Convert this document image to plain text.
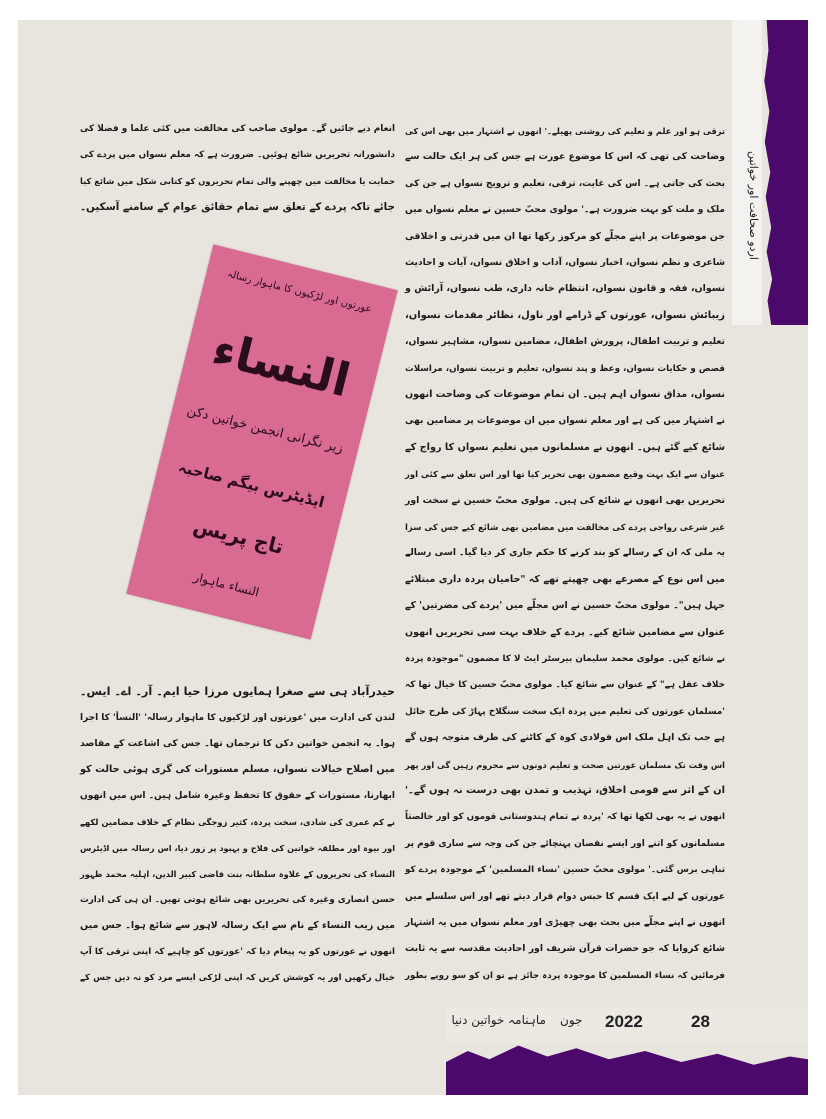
اردو صحافت اور خواتین
ترقی ہو اور علم و تعلیم کی روشنی پھیلے۔' انھوں نے اشتہار میں بھی اس کی
وضاحت کی تھی کہ اس کا موضوع عورت ہے جس کی ہر ایک حالت سے
بحث کی جاتی ہے۔ اس کی غایت، ترقی، تعلیم و ترویج نسواں ہے جن کی
ملک و ملت کو بہت ضرورت ہے۔' مولوی محبّ حسین نے معلم نسواں میں
جن موضوعات پر اپنے مجلّے کو مرکوز رکھا تھا ان میں قدرتی و اخلاقی
شاعری و نظم نسواں، اخبار نسواں، آداب و اخلاق نسواں، آیات و احادیث
نسواں، فقہ و قانون نسواں، انتظام خانہ داری، طب نسواں، آرائش و
زیبائش نسواں، عورتوں کے ڈرامے اور ناول، نظائر مقدمات نسواں،
تعلیم و تربیت اطفال، پرورش اطفال، مضامین نسواں، مشاہیر نسواں،
قصص و حکایات نسواں، وعظ و پند نسواں، تعلیم و تربیت نسواں، مراسلات
نسواں، مذاق نسواں اہم ہیں۔ ان تمام موضوعات کی وضاحت انھوں
نے اشتہار میں کی ہے اور معلم نسواں میں ان موضوعات پر مضامین بھی
شائع کیے گئے ہیں۔ انھوں نے مسلمانوں میں تعلیم نسواں کا رواج کے
عنوان سے ایک بہت وقیع مضمون بھی تحریر کیا تھا اور اس تعلق سے کئی اور
تحریریں بھی انھوں نے شائع کی ہیں۔ مولوی محبّ حسین نے سخت اور
غیر شرعی رواجی پردے کی مخالفت میں مضامین بھی شائع کیے جس کی سزا
یہ ملی کہ ان کے رسالے کو بند کرنے کا حکم جاری کر دیا گیا۔ اسی رسالے
میں اس نوع کے مصرعے بھی چھپتے تھے کہ "حامیان پردہ داری مبتلائے
جہل ہیں"۔ مولوی محبّ حسین نے اس مجلّے میں 'پردے کی مضرتیں' کے
عنوان سے مضامین شائع کیے۔ پردے کے خلاف بہت سی تحریریں انھوں
نے شائع کیں۔ مولوی محمد سلیمان بیرسٹر ایٹ لا کا مضمون "موجودہ پردہ
خلاف عقل ہے" کے عنوان سے شائع کیا۔ مولوی محبّ حسین کا خیال تھا کہ
'مسلمان عورتوں کی تعلیم میں پردہ ایک سخت سنگلاخ پہاڑ کی طرح حائل
ہے جب تک اہل ملک اس فولادی کوہ کے کاٹنے کی طرف متوجہ ہوں گے
اس وقت تک مسلمان عورتیں صحت و تعلیم دونوں سے محروم رہیں گی اور پھر
ان کے اثر سے قومی اخلاق، تہذیب و تمدن بھی درست نہ ہوں گے۔'
انھوں نے یہ بھی لکھا تھا کہ 'پردہ نے تمام ہندوستانی قوموں کو اور خالصتاً
مسلمانوں کو اتنے اور ایسے نقصان پہنچائے جن کی وجہ سے ساری قوم پر
تباہی برس گئی۔' مولوی محبّ حسین 'نساء المسلمین' کے موجودہ پردے کو
عورتوں کے لیے ایک قسم کا حبس دوام قرار دیتے تھے اور اس سلسلے میں
انھوں نے اپنے مجلّے میں بحث بھی چھیڑی اور معلم نسواں میں یہ اشتہار
شائع کروایا کہ جو حضرات قرآن شریف اور احادیث مقدسہ سے یہ ثابت
فرمائیں کہ نساء المسلمین کا موجودہ پردہ جائز ہے تو ان کو سو روپے بطور
انعام دیے جائیں گے۔ مولوی صاحب کی مخالفت میں کئی علما و فضلا کی
دانشورانہ تحریریں شائع ہوئیں۔ ضرورت ہے کہ معلم نسواں میں پردے کی
حمایت یا مخالفت میں چھپنے والی تمام تحریروں کو کتابی شکل میں شائع کیا
جائے تاکہ پردے کے تعلق سے تمام حقائق عوام کے سامنے آسکیں۔
حیدرآباد ہی سے صغرا ہمایوں مرزا حیا ایم۔ آر۔ اے۔ ایس۔
لندن کی ادارت میں 'عورتوں اور لڑکیوں کا ماہوار رسالہ' 'النسأ' کا اجرا
ہوا۔ یہ انجمن خواتین دکن کا ترجمان تھا۔ جس کی اشاعت کے مقاصد
میں اصلاح خیالات نسواں، مسلم مستورات کی گری ہوئی حالت کو
ابھارنا، مستورات کے حقوق کا تحفظ وغیرہ شامل ہیں۔ اس میں انھوں
نے کم عمری کی شادی، سخت پردہ، کثیر زوجگی نظام کے خلاف مضامین لکھے
اور بیوہ اور مطلقہ خواتین کی فلاح و بہبود پر زور دیا، اس رسالہ میں اڈیٹرس
النساء کی تحریروں کے علاوہ سلطانہ بنت قاضی کبیر الدین، اہلیہ محمد ظہور
حسن انصاری وغیرہ کی تحریریں بھی شائع ہوتی تھیں۔ ان ہی کی ادارت
میں زیب النساء کے نام سے ایک رسالہ لاہور سے شائع ہوا۔ جس میں
انھوں نے عورتوں کو یہ پیغام دیا کہ 'عورتوں کو چاہیے کہ اپنی ترقی کا آپ
خیال رکھیں اور یہ کوشش کریں کہ اپنی لڑکی ایسے مرد کو نہ دیں جس کے
عورتوں اور لڑکیوں کا ماہوار رسالہ
النساء
زیر نگرانی انجمن خواتین دکن
ایڈیٹرس بیگم صاحبہ
تاج پریس
النساء ماہوار
28
2022
جون
ماہنامہ خواتین دنیا
